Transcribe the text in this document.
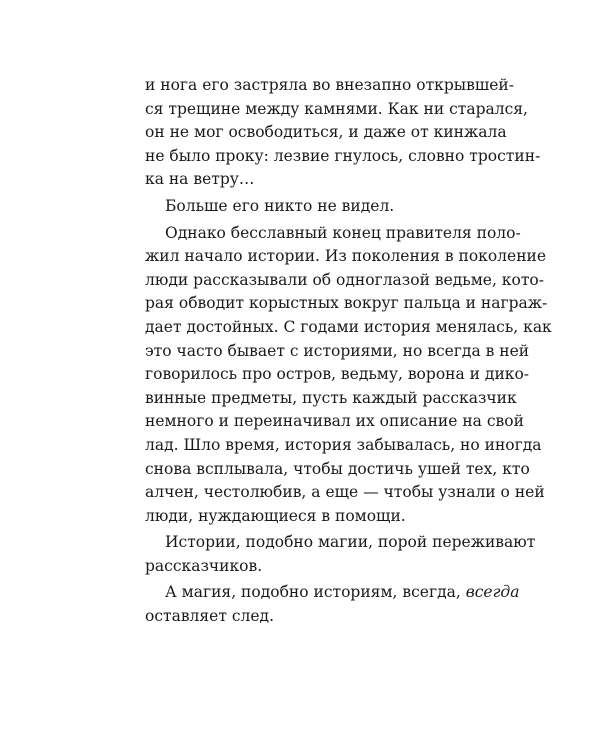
и нога его застряла во внезапно открывшей-
ся трещине между камнями. Как ни старался,
он не мог освободиться, и даже от кинжала
не было проку: лезвие гнулось, словно тростин-
ка на ветру…
Больше его никто не видел.
Однако бесславный конец правителя поло-
жил начало истории. Из поколения в поколение
люди рассказывали об одноглазой ведьме, кото-
рая обводит корыстных вокруг пальца и награж-
дает достойных. С годами история менялась, как
это часто бывает с историями, но всегда в ней
говорилось про остров, ведьму, ворона и дико-
винные предметы, пусть каждый рассказчик
немного и переиначивал их описание на свой
лад. Шло время, история забывалась, но иногда
снова всплывала, чтобы достичь ушей тех, кто
алчен, честолюбив, а еще — чтобы узнали о ней
люди, нуждающиеся в помощи.
Истории, подобно магии, порой переживают
рассказчиков.
А магия, подобно историям, всегда, всегда
оставляет след.
